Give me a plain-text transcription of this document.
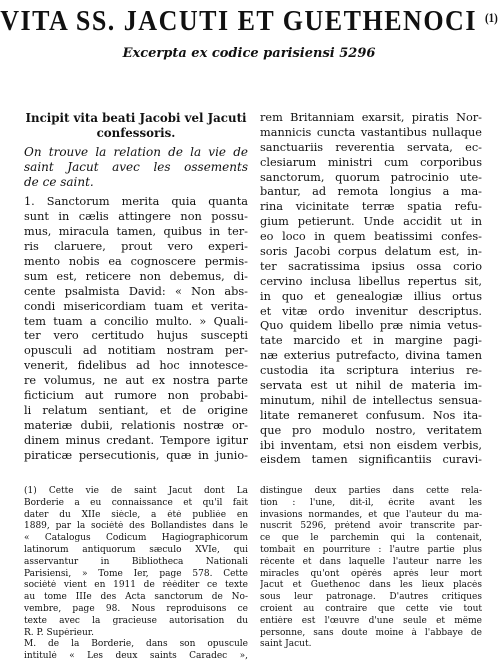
VITA SS. JACUTI ET GUETHENOCI $^{(1)}$
Excerpta ex codice parisiensi 5296
Incipit vita beati Jacobi vel Jacuti
confessoris.
On trouve la relation de la vie de
saint Jacut avec les ossements
de ce saint.
1. Sanctorum merita quia quanta
sunt in cælis attingere non possu-
mus, miracula tamen, quibus in ter-
ris claruere, prout vero experi-
mento nobis ea cognoscere permis-
sum est, reticere non debemus, di-
cente psalmista David: « Non abs-
condi misericordiam tuam et verita-
tem tuam a concilio multo. » Quali-
ter vero certitudo hujus suscepti
opusculi ad notitiam nostram per-
venerit, fidelibus ad hoc innotesce-
re volumus, ne aut ex nostra parte
ficticium aut rumore non probabi-
li relatum sentiant, et de origine
materiæ dubii, relationis nostræ or-
dinem minus credant. Tempore igitur
piraticæ persecutionis, quæ in junio-
rem Britanniam exarsit, piratis Nor-
mannicis cuncta vastantibus nullaque
sanctuariis reverentia servata, ec-
clesiarum ministri cum corporibus
sanctorum, quorum patrocinio ute-
bantur, ad remota longius a ma-
rina vicinitate terræ spatia refu-
gium petierunt. Unde accidit ut in
eo loco in quem beatissimi confes-
soris Jacobi corpus delatum est, in-
ter sacratissima ipsius ossa corio
cervino inclusa libellus repertus sit,
in quo et genealogiæ illius ortus
et vitæ ordo invenitur descriptus.
Quo quidem libello præ nimia vetus-
tate marcido et in margine pagi-
næ exterius putrefacto, divina tamen
custodia ita scriptura interius re-
servata est ut nihil de materia im-
minutum, nihil de intellectus sensua-
litate remaneret confusum. Nos ita-
que pro modulo nostro, veritatem
ibi inventam, etsi non eisdem verbis,
eisdem tamen significantiis curavi-
(1) Cette vie de saint Jacut dont La
Borderie a eu connaissance et qu'il fait
dater du XIIe siècle, a été publiée en
1889, par la société des Bollandistes dans le
« Catalogus Codicum Hagiographicorum
latinorum antiquorum sæculo XVIe, qui
asservantur in Bibliotheca Nationali
Parisiensi, » Tome Ier, page 578. Cette
société vient en 1911 de rééditer ce texte
au tome IIIe des Acta sanctorum de No-
vembre, page 98. Nous reproduisons ce
texte avec la gracieuse autorisation du
R. P. Supérieur.
M. de la Borderie, dans son opuscule
intitulé « Les deux saints Caradec »,
distingue deux parties dans cette rela-
tion : l'une, dit-il, écrite avant les
invasions normandes, et que l'auteur du ma-
nuscrit 5296, prétend avoir transcrite par-
ce que le parchemin qui la contenait,
tombait en pourriture : l'autre partie plus
récente et dans laquelle l'auteur narre les
miracles qu'ont opérés après leur mort
Jacut et Guethenoc dans les lieux placés
sous leur patronage. D'autres critiques
croient au contraire que cette vie tout
entière est l'œuvre d'une seule et même
personne, sans doute moine à l'abbaye de
saint Jacut.
